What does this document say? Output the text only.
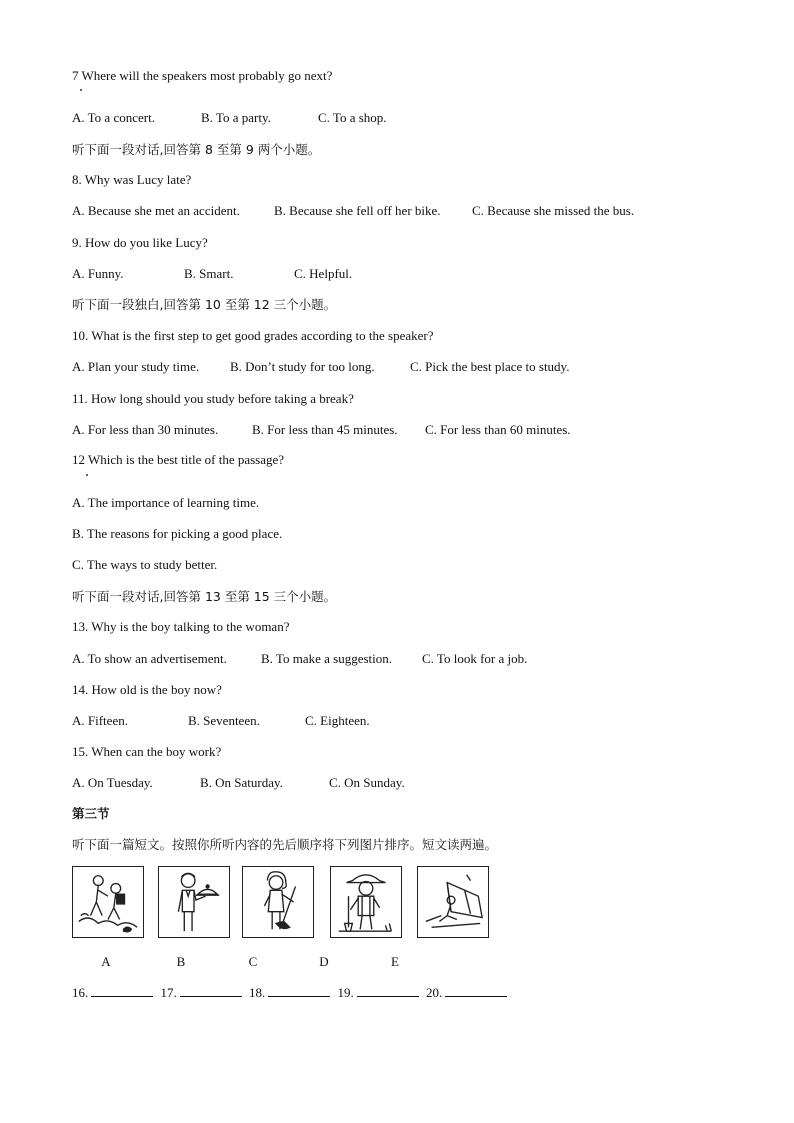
7 Where will the speakers most probably go next?
A. To a concert.	B. To a party.	C. To a shop.
听下面一段对话,回答第 8 至第 9 两个小题。
8. Why was Lucy late?
A. Because she met an accident.	B. Because she fell off her bike. C. Because she missed the bus.
9. How do you like Lucy?
A. Funny.	B. Smart.	C. Helpful.
听下面一段独白,回答第 10 至第 12 三个小题。
10. What is the first step to get good grades according to the speaker?
A. Plan your study time. B. Don’t study for too long.	C. Pick the best place to study.
11. How long should you study before taking a break?
A. For less than 30 minutes.	B. For less than 45 minutes. C. For less than 60 minutes.
12 Which is the best title of the passage?
A. The importance of learning time.
B. The reasons for picking a good place.
C. The ways to study better.
听下面一段对话,回答第 13 至第 15 三个小题。
13. Why is the boy talking to the woman?
A. To show an advertisement.	B. To make a suggestion. C. To look for a job.
14. How old is the boy now?
A. Fifteen.	B. Seventeen.	C. Eighteen.
15. When can the boy work?
A. On Tuesday.	B. On Saturday.	C. On Sunday.
第三节
听下面一篇短文。按照你所听内容的先后顺序将下列图片排序。短文读两遍。
A	B	C	D	E
16.	17.	18.	19.	20.
